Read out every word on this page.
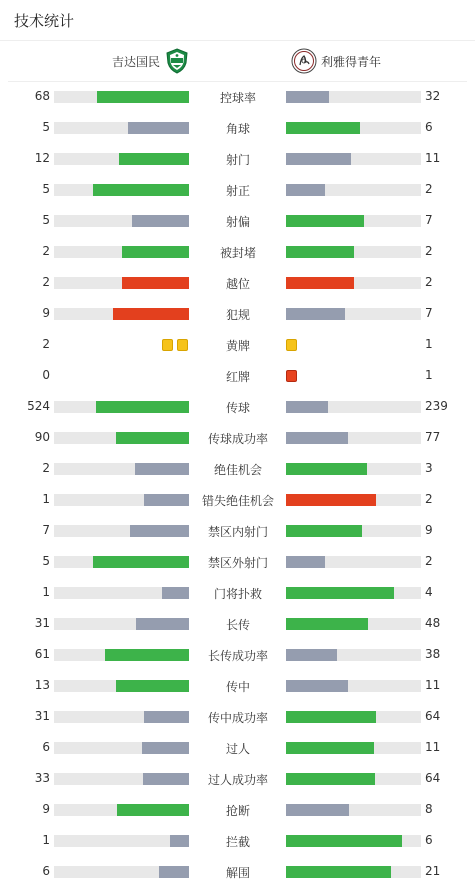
技术统计
吉达国民	利雅得青年
68	控球率	32
5	角球	6
12	射门	11
5	射正	2
5	射偏	7
2	被封堵	2
2	越位	2
9	犯规	7
2	黄牌	1
0	红牌	1
524	传球	239
90	传球成功率	77
2	绝佳机会	3
1	错失绝佳机会	2
7	禁区内射门	9
5	禁区外射门	2
1	门将扑救	4
31	长传	48
61	长传成功率	38
13	传中	11
31	传中成功率	64
6	过人	11
33	过人成功率	64
9	抢断	8
1	拦截	6
6	解围	21
